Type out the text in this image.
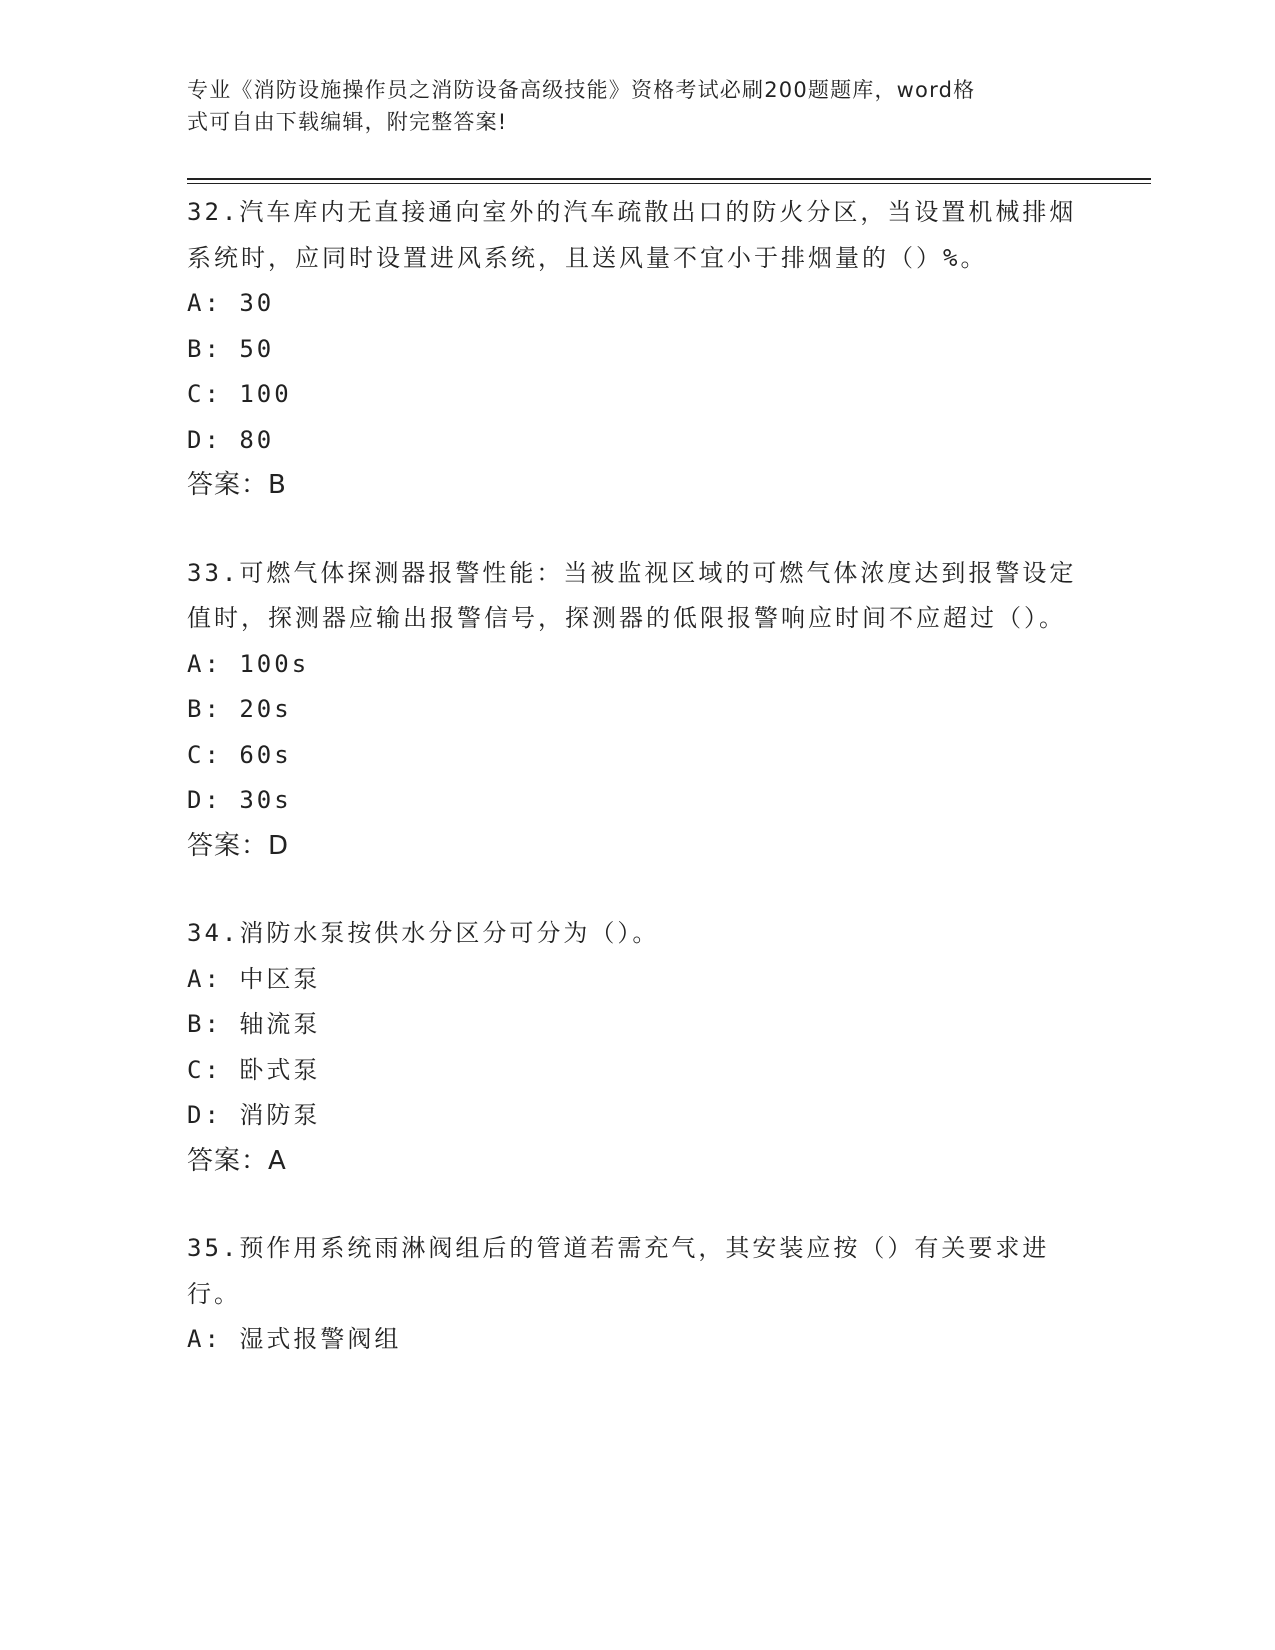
专业《消防设施操作员之消防设备高级技能》资格考试必刷200题题库，word格
式可自由下载编辑，附完整答案!

32.汽车库内无直接通向室外的汽车疏散出口的防火分区，当设置机械排烟系统时，应同时设置进风系统，且送风量不宜小于排烟量的（）%。

A: 30

B: 50

C: 100

D: 80

答案：B

33.可燃气体探测器报警性能：当被监视区域的可燃气体浓度达到报警设定值时，探测器应输出报警信号，探测器的低限报警响应时间不应超过（）。

A: 100s

B: 20s

C: 60s

D: 30s

答案：D

34.消防水泵按供水分区分可分为（）。

A: 中区泵

B: 轴流泵

C: 卧式泵

D: 消防泵

答案：A

35.预作用系统雨淋阀组后的管道若需充气，其安装应按（）有关要求进行。

A: 湿式报警阀组
